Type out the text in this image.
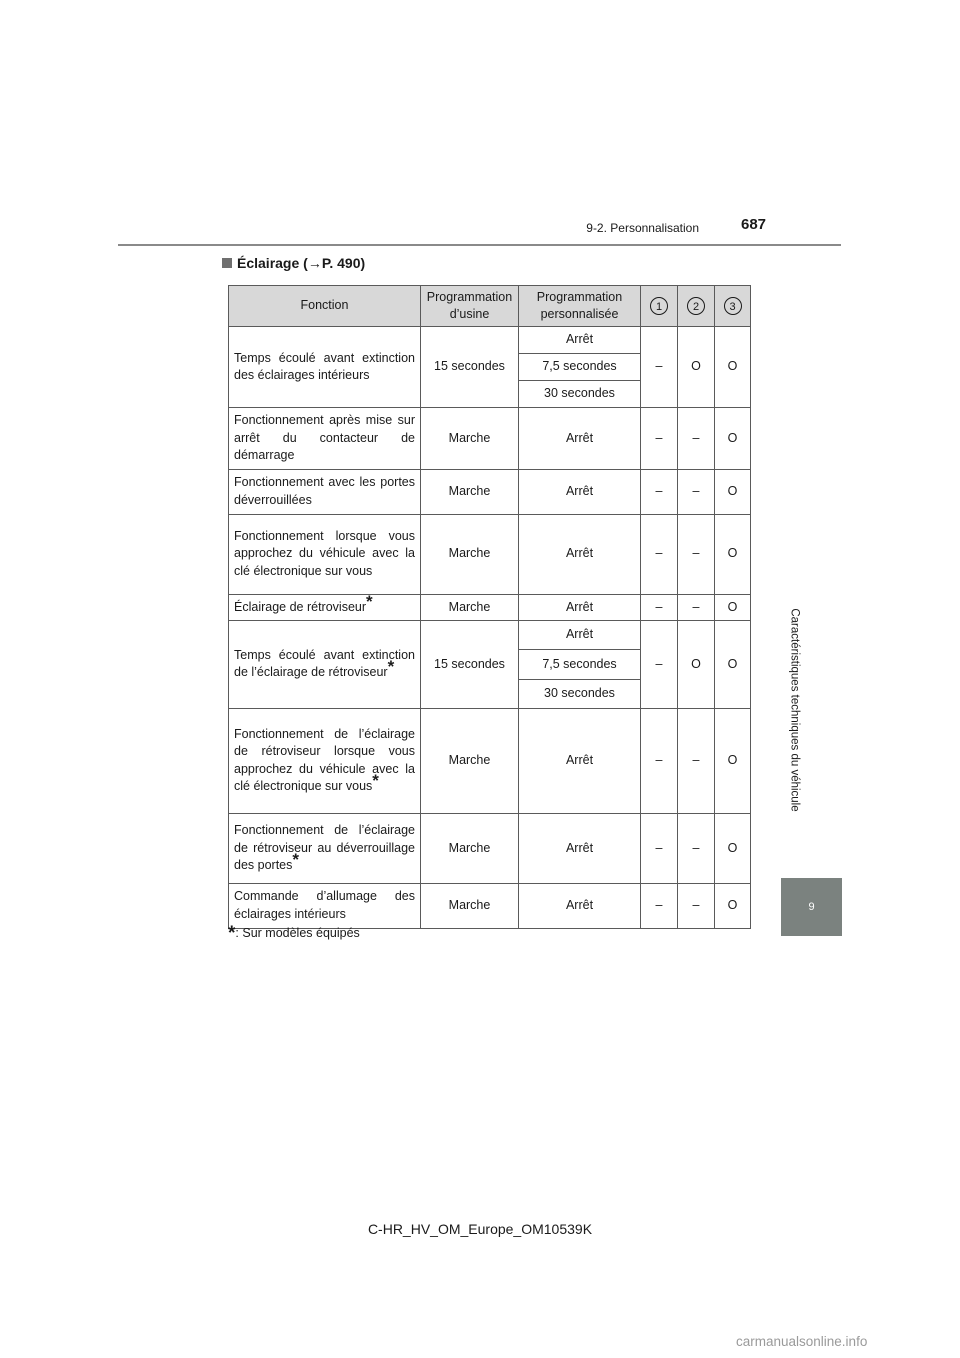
9-2. Personnalisation	687
Caractéristiques techniques du véhicule
9
Éclairage (→P. 490)
Fonction	Programmation d’usine	Programmation personnalisée	1	2	3
Temps écoulé avant extinction des éclairages intérieurs	15 secondes	Arrêt	–	O	O
		7,5 secondes			
		30 secondes			
Fonctionnement après mise sur arrêt du contacteur de démarrage	Marche	Arrêt	–	–	O
Fonctionnement avec les portes déverrouillées	Marche	Arrêt	–	–	O
Fonctionnement lorsque vous approchez du véhicule avec la clé électronique sur vous	Marche	Arrêt	–	–	O
Éclairage de rétroviseur*	Marche	Arrêt	–	–	O
Temps écoulé avant extinction de l’éclairage de rétroviseur*	15 secondes	Arrêt	–	O	O
		7,5 secondes			
		30 secondes			
Fonctionnement de l’éclairage de rétroviseur lorsque vous approchez du véhicule avec la clé électronique sur vous*	Marche	Arrêt	–	–	O
Fonctionnement de l’éclairage de rétroviseur au déverrouillage des portes*	Marche	Arrêt	–	–	O
Commande d’allumage des éclairages intérieurs	Marche	Arrêt	–	–	O
*: Sur modèles équipés
C-HR_HV_OM_Europe_OM10539K
carmanualsonline.info
